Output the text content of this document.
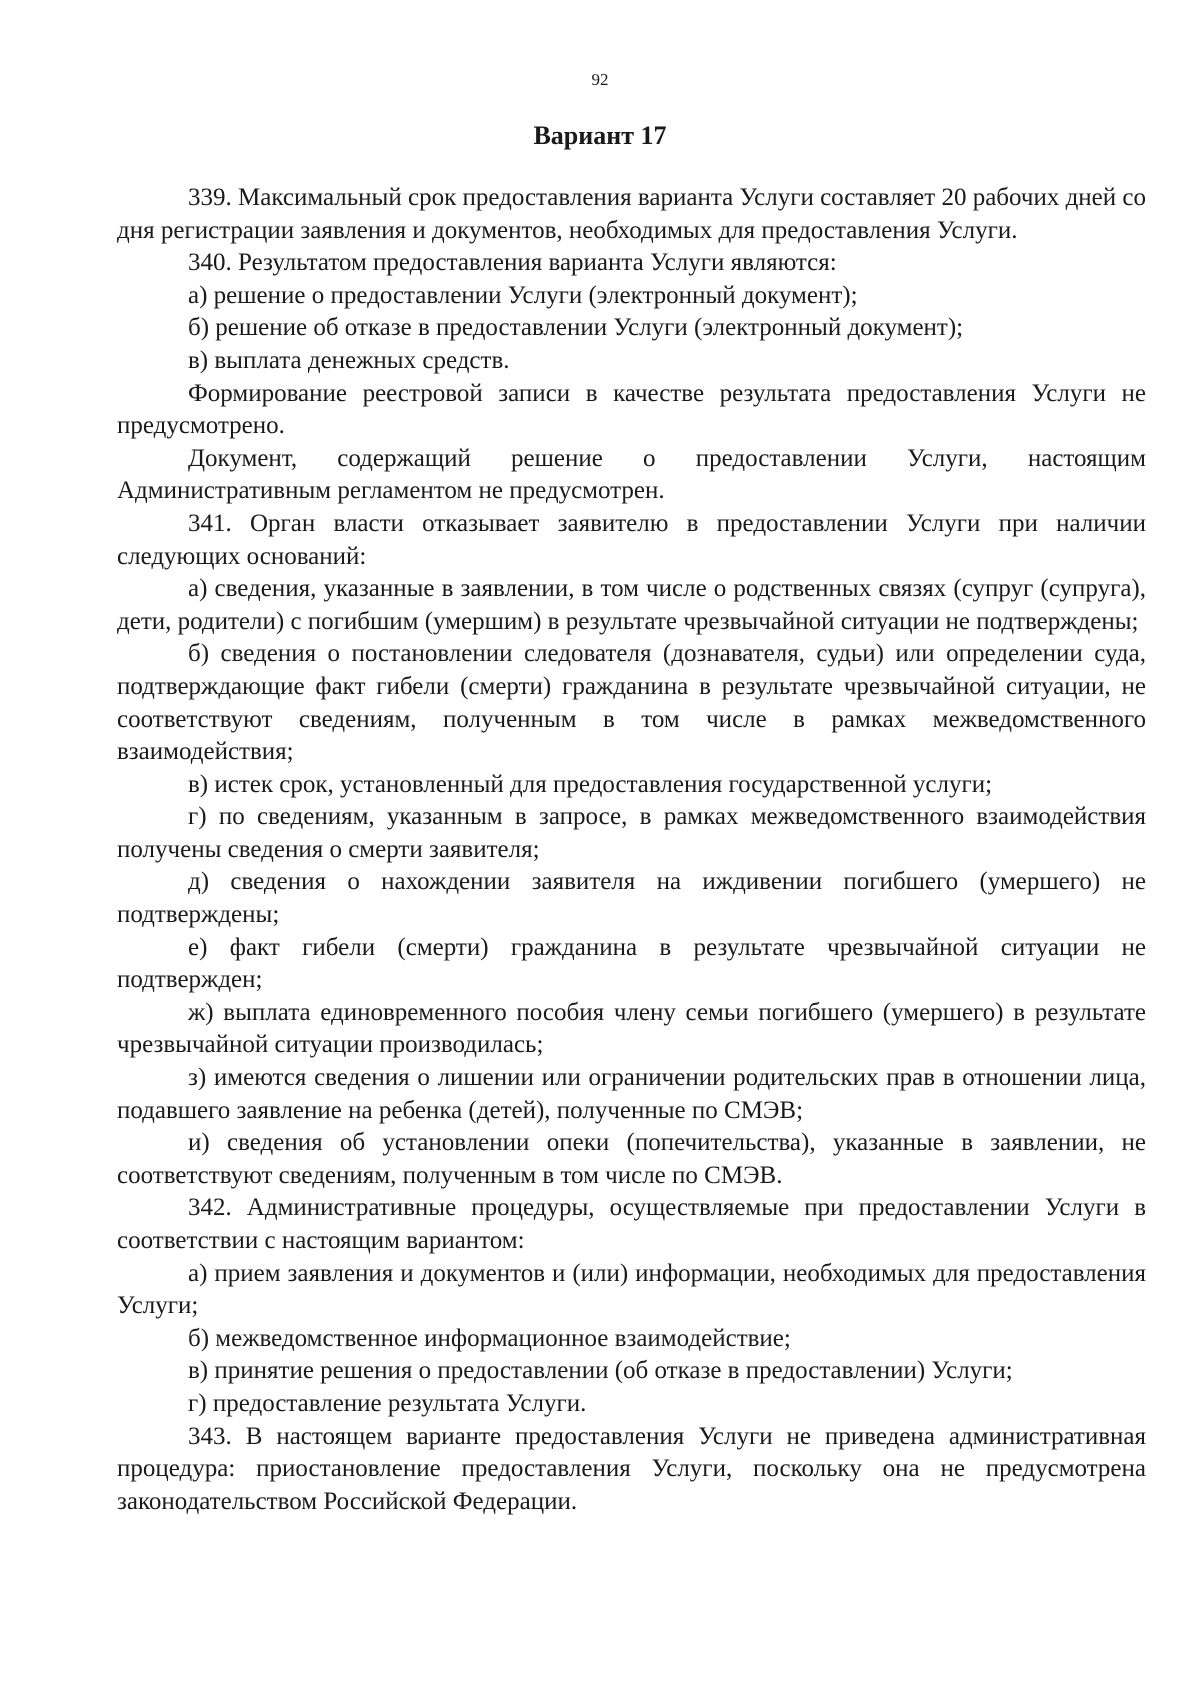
92
Вариант 17

339. Максимальный срок предоставления варианта Услуги составляет 20 рабочих дней со дня регистрации заявления и документов, необходимых для предоставления Услуги.

340. Результатом предоставления варианта Услуги являются:

а) решение о предоставлении Услуги (электронный документ);

б) решение об отказе в предоставлении Услуги (электронный документ);

в) выплата денежных средств.

Формирование реестровой записи в качестве результата предоставления Услуги не предусмотрено.

Документ, содержащий решение о предоставлении Услуги, настоящим Административным регламентом не предусмотрен.

341. Орган власти отказывает заявителю в предоставлении Услуги при наличии следующих оснований:

а) сведения, указанные в заявлении, в том числе о родственных связях (супруг (супруга), дети, родители) с погибшим (умершим) в результате чрезвычайной ситуации не подтверждены;

б) сведения о постановлении следователя (дознавателя, судьи) или определении суда, подтверждающие факт гибели (смерти) гражданина в результате чрезвычайной ситуации, не соответствуют сведениям, полученным в том числе в рамках межведомственного взаимодействия;

в) истек срок, установленный для предоставления государственной услуги;

г) по сведениям, указанным в запросе, в рамках межведомственного взаимодействия получены сведения о смерти заявителя;

д) сведения о нахождении заявителя на иждивении погибшего (умершего) не подтверждены;

е) факт гибели (смерти) гражданина в результате чрезвычайной ситуации не подтвержден;

ж) выплата единовременного пособия члену семьи погибшего (умершего) в результате чрезвычайной ситуации производилась;

з) имеются сведения о лишении или ограничении родительских прав в отношении лица, подавшего заявление на ребенка (детей), полученные по СМЭВ;

и) сведения об установлении опеки (попечительства), указанные в заявлении, не соответствуют сведениям, полученным в том числе по СМЭВ.

342. Административные процедуры, осуществляемые при предоставлении Услуги в соответствии с настоящим вариантом:

а) прием заявления и документов и (или) информации, необходимых для предоставления Услуги;

б) межведомственное информационное взаимодействие;

в) принятие решения о предоставлении (об отказе в предоставлении) Услуги;

г) предоставление результата Услуги.

343. В настоящем варианте предоставления Услуги не приведена административная процедура: приостановление предоставления Услуги, поскольку она не предусмотрена законодательством Российской Федерации.
